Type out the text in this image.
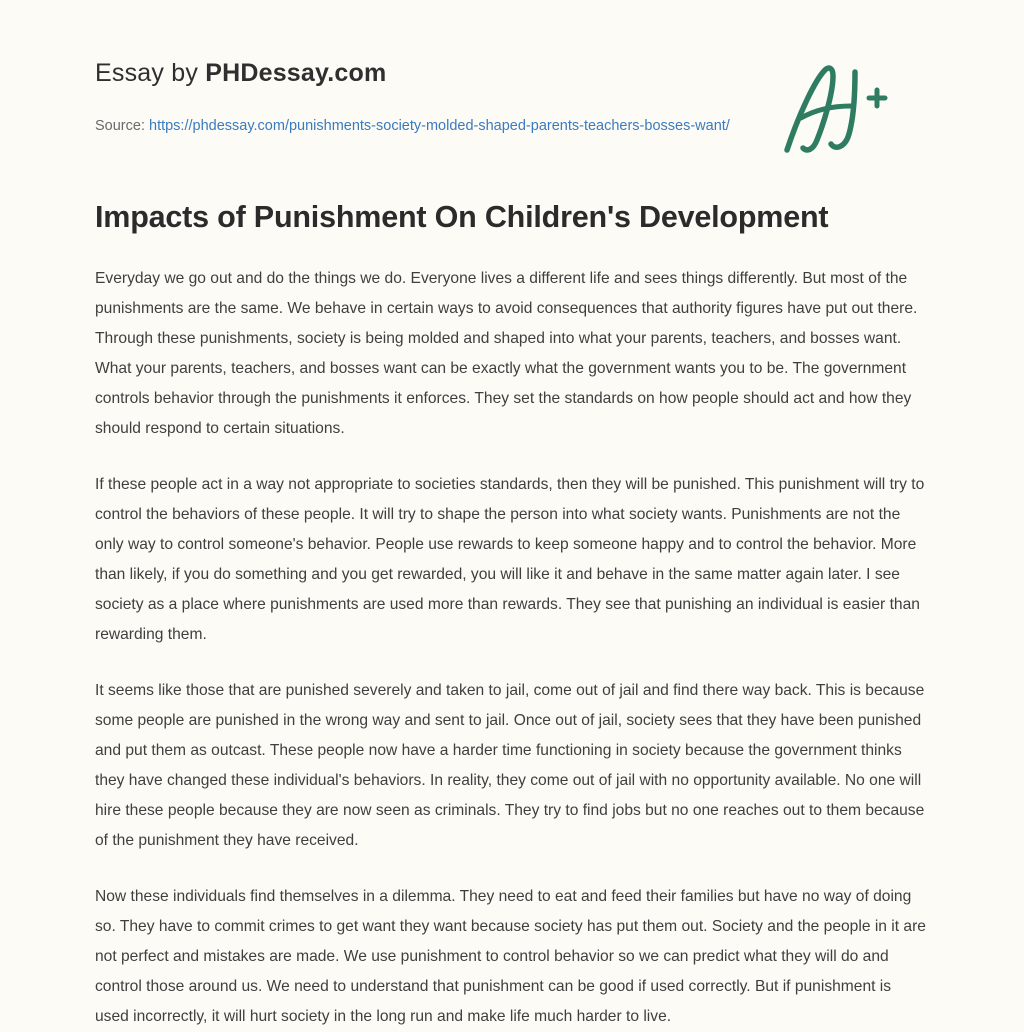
Essay by PHDessay.com
Source: https://phdessay.com/punishments-society-molded-shaped-parents-teachers-bosses-want/
Impacts of Punishment On Children's Development

Everyday we go out and do the things we do. Everyone lives a different life and sees things differently. But most of the punishments are the same. We behave in certain ways to avoid consequences that authority figures have put out there. Through these punishments, society is being molded and shaped into what your parents, teachers, and bosses want. What your parents, teachers, and bosses want can be exactly what the government wants you to be. The government controls behavior through the punishments it enforces. They set the standards on how people should act and how they should respond to certain situations.

If these people act in a way not appropriate to societies standards, then they will be punished. This punishment will try to control the behaviors of these people. It will try to shape the person into what society wants. Punishments are not the only way to control someone's behavior. People use rewards to keep someone happy and to control the behavior. More than likely, if you do something and you get rewarded, you will like it and behave in the same matter again later. I see society as a place where punishments are used more than rewards. They see that punishing an individual is easier than rewarding them.

It seems like those that are punished severely and taken to jail, come out of jail and find there way back. This is because some people are punished in the wrong way and sent to jail. Once out of jail, society sees that they have been punished and put them as outcast. These people now have a harder time functioning in society because the government thinks they have changed these individual's behaviors. In reality, they come out of jail with no opportunity available. No one will hire these people because they are now seen as criminals. They try to find jobs but no one reaches out to them because of the punishment they have received.

Now these individuals find themselves in a dilemma. They need to eat and feed their families but have no way of doing so. They have to commit crimes to get want they want because society has put them out. Society and the people in it are not perfect and mistakes are made. We use punishment to control behavior so we can predict what they will do and control those around us. We need to understand that punishment can be good if used correctly. But if punishment is used incorrectly, it will hurt society in the long run and make life much harder to live.
